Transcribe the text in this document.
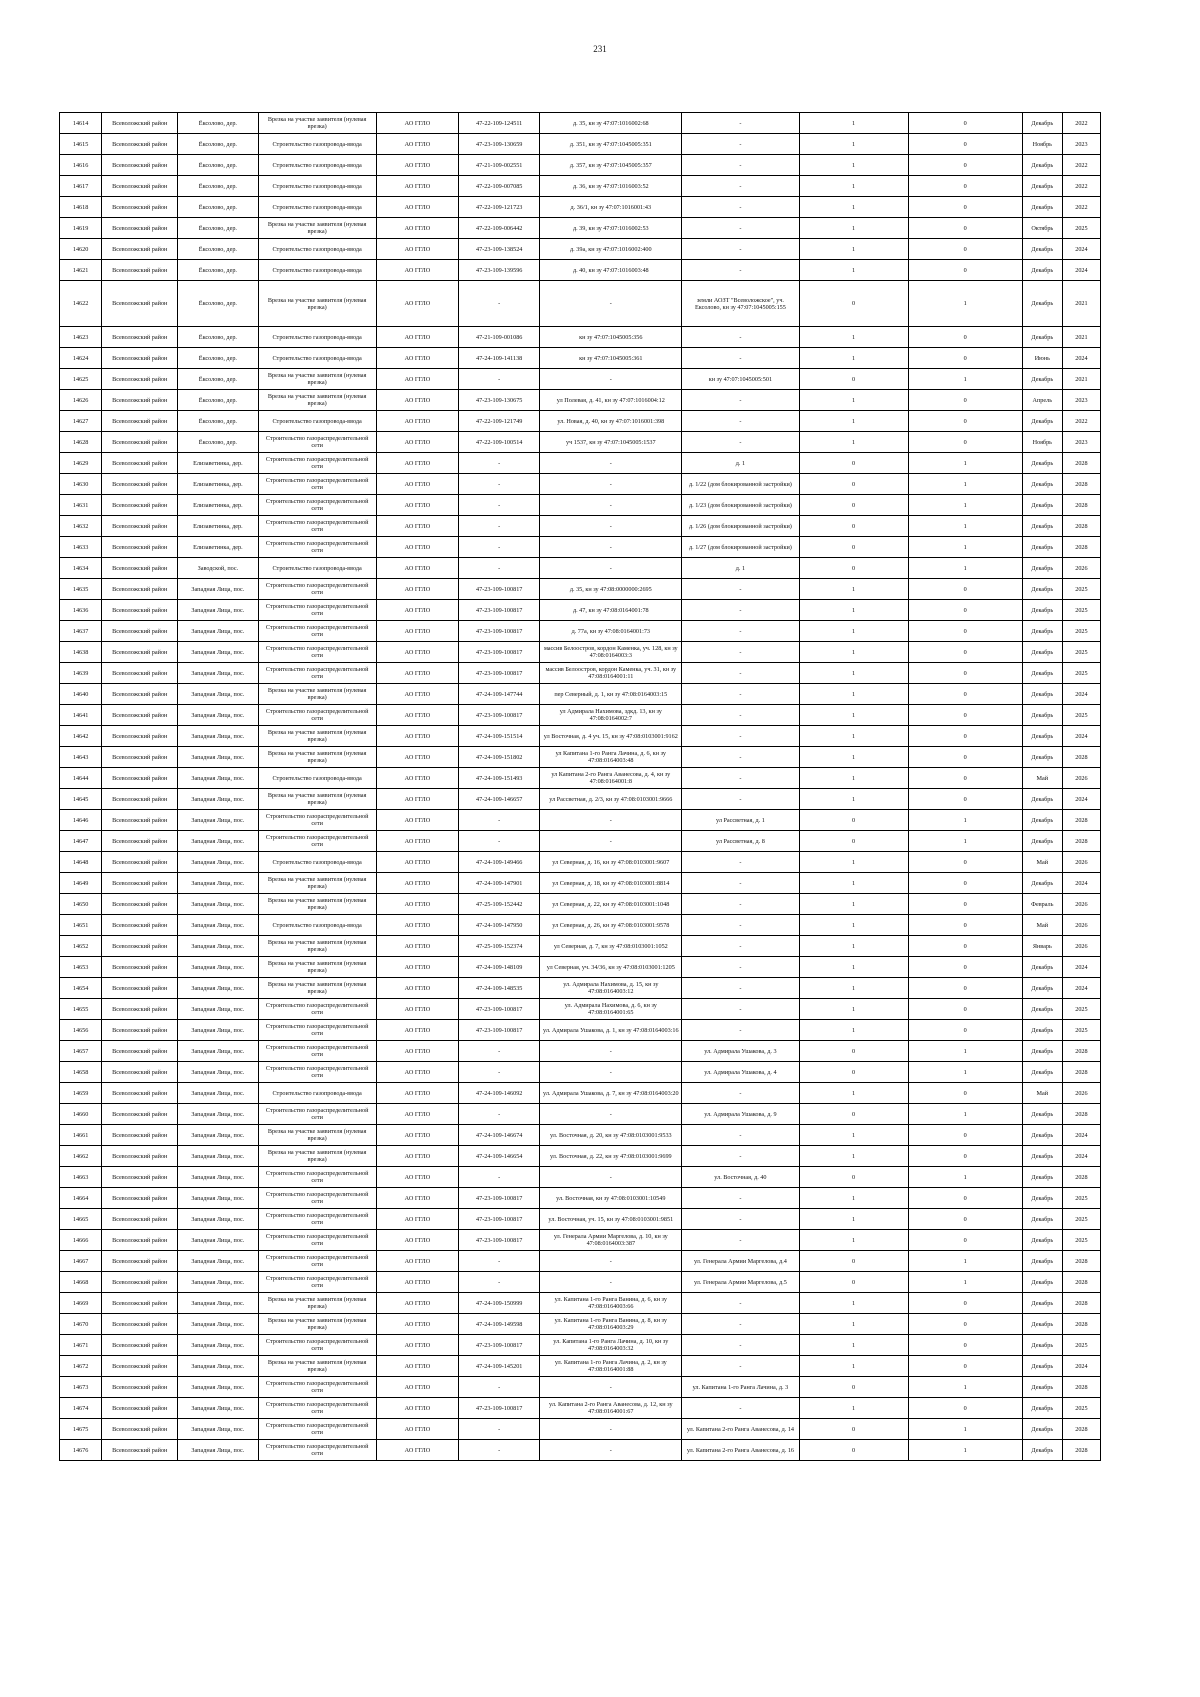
231
14614	Всеволожский район	Ёксолово, дер.	Врезка на участке заявителя (нулевая врезка)	АО ГГЛО	47-22-109-124511	д. 35, кн зу 47:07:1016002:68	-	1	0	Декабрь	2022
14615	Всеволожский район	Ёксолово, дер.	Строительство газопровода-ввода	АО ГГЛО	47-23-109-130659	д. 351, кн зу 47:07:1045005:351	-	1	0	Ноябрь	2023
14616	Всеволожский район	Ёксолово, дер.	Строительство газопровода-ввода	АО ГГЛО	47-21-109-002551	д. 357, кн зу 47:07:1045005:357	-	1	0	Декабрь	2022
14617	Всеволожский район	Ёксолово, дер.	Строительство газопровода-ввода	АО ГГЛО	47-22-109-007085	д. 36, кн зу 47:07:1016003:52	-	1	0	Декабрь	2022
14618	Всеволожский район	Ёксолово, дер.	Строительство газопровода-ввода	АО ГГЛО	47-22-109-121723	д. 36/1, кн зу 47:07:1016001:43	-	1	0	Декабрь	2022
14619	Всеволожский район	Ёксолово, дер.	Врезка на участке заявителя (нулевая врезка)	АО ГГЛО	47-22-109-006442	д. 39, кн зу 47:07:1016002:53	-	1	0	Октябрь	2025
14620	Всеволожский район	Ёксолово, дер.	Строительство газопровода-ввода	АО ГГЛО	47-23-109-138524	д. 39а, кн зу 47:07:1016002:400	-	1	0	Декабрь	2024
14621	Всеволожский район	Ёксолово, дер.	Строительство газопровода-ввода	АО ГГЛО	47-23-109-139596	д. 40, кн зу 47:07:1016003:48	-	1	0	Декабрь	2024
14622	Всеволожский район	Ёксолово, дер.	Врезка на участке заявителя (нулевая врезка)	АО ГГЛО	-	-	земли АОЗТ "Всеволожское", уч. Ексолово, кн зу 47:07:1045005:155	0	1	Декабрь	2021
14623	Всеволожский район	Ёксолово, дер.	Строительство газопровода-ввода	АО ГГЛО	47-21-109-001086	кн зу 47:07:1045005:356	-	1	0	Декабрь	2021
14624	Всеволожский район	Ёксолово, дер.	Строительство газопровода-ввода	АО ГГЛО	47-24-109-141138	кн зу 47:07:1045005:361	-	1	0	Июнь	2024
14625	Всеволожский район	Ёксолово, дер.	Врезка на участке заявителя (нулевая врезка)	АО ГГЛО	-	-	кн зу 47:07:1045005:501	0	1	Декабрь	2021
14626	Всеволожский район	Ёксолово, дер.	Врезка на участке заявителя (нулевая врезка)	АО ГГЛО	47-23-109-130675	ул Полевая, д. 41, кн зу 47:07:1016004:12	-	1	0	Апрель	2023
14627	Всеволожский район	Ёксолово, дер.	Строительство газопровода-ввода	АО ГГЛО	47-22-109-121749	ул. Новая, д. 40, кн зу 47:07:1016001:398	-	1	0	Декабрь	2022
14628	Всеволожский район	Ёксолово, дер.	Строительство газораспределительной сети	АО ГГЛО	47-22-109-100514	уч 1537, кн зу 47:07:1045005:1537	-	1	0	Ноябрь	2023
14629	Всеволожский район	Елизаветинка, дер.	Строительство газораспределительной сети	АО ГГЛО	-	-	д. 1	0	1	Декабрь	2028
14630	Всеволожский район	Елизаветинка, дер.	Строительство газораспределительной сети	АО ГГЛО	-	-	д. 1/22 (дом блокированной застройки)	0	1	Декабрь	2028
14631	Всеволожский район	Елизаветинка, дер.	Строительство газораспределительной сети	АО ГГЛО	-	-	д. 1/23 (дом блокированной застройки)	0	1	Декабрь	2028
14632	Всеволожский район	Елизаветинка, дер.	Строительство газораспределительной сети	АО ГГЛО	-	-	д. 1/26 (дом блокированной застройки)	0	1	Декабрь	2028
14633	Всеволожский район	Елизаветинка, дер.	Строительство газораспределительной сети	АО ГГЛО	-	-	д. 1/27 (дом блокированной застройки)	0	1	Декабрь	2028
14634	Всеволожский район	Заводской, пос.	Строительство газопровода-ввода	АО ГГЛО	-	-	д. 1	0	1	Декабрь	2026
14635	Всеволожский район	Западная Лица, пос.	Строительство газораспределительной сети	АО ГГЛО	47-23-109-100817	д. 35, кн зу 47:08:0000000:2695	-	1	0	Декабрь	2025
14636	Всеволожский район	Западная Лица, пос.	Строительство газораспределительной сети	АО ГГЛО	47-23-109-100817	д. 47, кн зу 47:08:0164001:78	-	1	0	Декабрь	2025
14637	Всеволожский район	Западная Лица, пос.	Строительство газораспределительной сети	АО ГГЛО	47-23-109-100817	д. 77а, кн зу 47:08:0164001:73	-	1	0	Декабрь	2025
14638	Всеволожский район	Западная Лица, пос.	Строительство газораспределительной сети	АО ГГЛО	47-23-109-100817	массив Белоостров, кордон Каменка, уч. 128, кн зу 47:08:0164003:3	-	1	0	Декабрь	2025
14639	Всеволожский район	Западная Лица, пос.	Строительство газораспределительной сети	АО ГГЛО	47-23-109-100817	массив Белоостров, кордон Каменка, уч. 31, кн зу 47:08:0164001:11	-	1	0	Декабрь	2025
14640	Всеволожский район	Западная Лица, пос.	Врезка на участке заявителя (нулевая врезка)	АО ГГЛО	47-24-109-147744	пер Северный, д. 1, кн зу 47:08:0164003:15	-	1	0	Декабрь	2024
14641	Всеволожский район	Западная Лица, пос.	Строительство газораспределительной сети	АО ГГЛО	47-23-109-100817	ул Адмирала Нахимова, здкд. 13, кн зу 47:08:0164002:7	-	1	0	Декабрь	2025
14642	Всеволожский район	Западная Лица, пос.	Врезка на участке заявителя (нулевая врезка)	АО ГГЛО	47-24-109-151514	ул Восточная, д. 4 уч. 15, кн зу 47:08:0103001:9162	-	1	0	Декабрь	2024
14643	Всеволожский район	Западная Лица, пос.	Врезка на участке заявителя (нулевая врезка)	АО ГГЛО	47-24-109-151802	ул Капитана 1-го Ранга Лачина, д. 6, кн зу 47:08:0164003:48	-	1	0	Декабрь	2028
14644	Всеволожский район	Западная Лица, пос.	Строительство газопровода-ввода	АО ГГЛО	47-24-109-151493	ул Капитана 2-го Ранга Аванесова, д. 4, кн зу 47:08:0164001:8	-	1	0	Май	2026
14645	Всеволожский район	Западная Лица, пос.	Врезка на участке заявителя (нулевая врезка)	АО ГГЛО	47-24-109-146657	ул Рассветная, д. 2/3, кн зу 47:08:0103001:9666	-	1	0	Декабрь	2024
14646	Всеволожский район	Западная Лица, пос.	Строительство газораспределительной сети	АО ГГЛО	-	-	ул Рассветная, д. 1	0	1	Декабрь	2028
14647	Всеволожский район	Западная Лица, пос.	Строительство газораспределительной сети	АО ГГЛО	-	-	ул Рассветная, д. 8	0	1	Декабрь	2028
14648	Всеволожский район	Западная Лица, пос.	Строительство газопровода-ввода	АО ГГЛО	47-24-109-149466	ул Северная, д. 16, кн зу 47:08:0103001:9607	-	1	0	Май	2026
14649	Всеволожский район	Западная Лица, пос.	Врезка на участке заявителя (нулевая врезка)	АО ГГЛО	47-24-109-147901	ул Северная, д. 18, кн зу 47:08:0103001:8814	-	1	0	Декабрь	2024
14650	Всеволожский район	Западная Лица, пос.	Врезка на участке заявителя (нулевая врезка)	АО ГГЛО	47-25-109-152442	ул Северная, д. 22, кн зу 47:08:0103001:1048	-	1	0	Февраль	2026
14651	Всеволожский район	Западная Лица, пос.	Строительство газопровода-ввода	АО ГГЛО	47-24-109-147950	ул Северная, д. 26, кн зу 47:08:0103001:9578	-	1	0	Май	2026
14652	Всеволожский район	Западная Лица, пос.	Врезка на участке заявителя (нулевая врезка)	АО ГГЛО	47-25-109-152374	ул Северная, д. 7, кн зу 47:08:0103001:1052	-	1	0	Январь	2026
14653	Всеволожский район	Западная Лица, пос.	Врезка на участке заявителя (нулевая врезка)	АО ГГЛО	47-24-109-148109	ул Северная, уч. 34/36, кн зу 47:08:0103001:1205	-	1	0	Декабрь	2024
14654	Всеволожский район	Западная Лица, пос.	Врезка на участке заявителя (нулевая врезка)	АО ГГЛО	47-24-109-148535	ул. Адмирала Нахимова, д. 15, кн зу 47:08:0164003:12	-	1	0	Декабрь	2024
14655	Всеволожский район	Западная Лица, пос.	Строительство газораспределительной сети	АО ГГЛО	47-23-109-100817	ул. Адмирала Нахимова, д. 6, кн зу 47:08:0164001:65	-	1	0	Декабрь	2025
14656	Всеволожский район	Западная Лица, пос.	Строительство газораспределительной сети	АО ГГЛО	47-23-109-100817	ул. Адмирала Ушакова, д. 1, кн зу 47:08:0164003:16	-	1	0	Декабрь	2025
14657	Всеволожский район	Западная Лица, пос.	Строительство газораспределительной сети	АО ГГЛО	-	-	ул. Адмирала Ушакова, д. 3	0	1	Декабрь	2028
14658	Всеволожский район	Западная Лица, пос.	Строительство газораспределительной сети	АО ГГЛО	-	-	ул. Адмирала Ушакова, д. 4	0	1	Декабрь	2028
14659	Всеволожский район	Западная Лица, пос.	Строительство газопровода-ввода	АО ГГЛО	47-24-109-146092	ул. Адмирала Ушакова, д. 7, кн зу 47:08:0164003:20	-	1	0	Май	2026
14660	Всеволожский район	Западная Лица, пос.	Строительство газораспределительной сети	АО ГГЛО	-	-	ул. Адмирала Ушакова, д. 9	0	1	Декабрь	2028
14661	Всеволожский район	Западная Лица, пос.	Врезка на участке заявителя (нулевая врезка)	АО ГГЛО	47-24-109-146674	ул. Восточная, д. 20, кн зу 47:08:0103001:9533	-	1	0	Декабрь	2024
14662	Всеволожский район	Западная Лица, пос.	Врезка на участке заявителя (нулевая врезка)	АО ГГЛО	47-24-109-146654	ул. Восточная, д. 22, кн зу 47:08:0103001:9699	-	1	0	Декабрь	2024
14663	Всеволожский район	Западная Лица, пос.	Строительство газораспределительной сети	АО ГГЛО	-	-	ул. Восточная, д. 40	0	1	Декабрь	2028
14664	Всеволожский район	Западная Лица, пос.	Строительство газораспределительной сети	АО ГГЛО	47-23-109-100817	ул. Восточная, кн зу 47:08:0103001:10549	-	1	0	Декабрь	2025
14665	Всеволожский район	Западная Лица, пос.	Строительство газораспределительной сети	АО ГГЛО	47-23-109-100817	ул. Восточная, уч. 15, кн зу 47:08:0103001:9851	-	1	0	Декабрь	2025
14666	Всеволожский район	Западная Лица, пос.	Строительство газораспределительной сети	АО ГГЛО	47-23-109-100817	ул. Генерала Армии Маргелова, д. 10, кн зу 47:08:0164003:387	-	1	0	Декабрь	2025
14667	Всеволожский район	Западная Лица, пос.	Строительство газораспределительной сети	АО ГГЛО	-	-	ул. Генерала Армии Маргелова, д.4	0	1	Декабрь	2028
14668	Всеволожский район	Западная Лица, пос.	Строительство газораспределительной сети	АО ГГЛО	-	-	ул. Генерала Армии Маргелова, д.5	0	1	Декабрь	2028
14669	Всеволожский район	Западная Лица, пос.	Врезка на участке заявителя (нулевая врезка)	АО ГГЛО	47-24-109-150999	ул. Капитана 1-го Ранга Ванина, д. 6, кн зу 47:08:0164003:66	-	1	0	Декабрь	2028
14670	Всеволожский район	Западная Лица, пос.	Врезка на участке заявителя (нулевая врезка)	АО ГГЛО	47-24-109-149598	ул. Капитана 1-го Ранга Ванина, д. 8, кн зу 47:08:0164003:29	-	1	0	Декабрь	2028
14671	Всеволожский район	Западная Лица, пос.	Строительство газораспределительной сети	АО ГГЛО	47-23-109-100817	ул. Капитана 1-го Ранга Лачина, д. 10, кн зу 47:08:0164003:32	-	1	0	Декабрь	2025
14672	Всеволожский район	Западная Лица, пос.	Врезка на участке заявителя (нулевая врезка)	АО ГГЛО	47-24-109-145201	ул. Капитана 1-го Ранга Лачина, д. 2, кн зу 47:08:0164001:88	-	1	0	Декабрь	2024
14673	Всеволожский район	Западная Лица, пос.	Строительство газораспределительной сети	АО ГГЛО	-	-	ул. Капитана 1-го Ранга Лачина, д. 3	0	1	Декабрь	2028
14674	Всеволожский район	Западная Лица, пос.	Строительство газораспределительной сети	АО ГГЛО	47-23-109-100817	ул. Капитана 2-го Ранга Аванесова, д. 12, кн зу 47:08:0164001:67	-	1	0	Декабрь	2025
14675	Всеволожский район	Западная Лица, пос.	Строительство газораспределительной сети	АО ГГЛО	-	-	ул. Капитана 2-го Ранга Аванесова, д. 14	0	1	Декабрь	2028
14676	Всеволожский район	Западная Лица, пос.	Строительство газораспределительной сети	АО ГГЛО	-	-	ул. Капитана 2-го Ранга Аванесова, д. 16	0	1	Декабрь	2028
